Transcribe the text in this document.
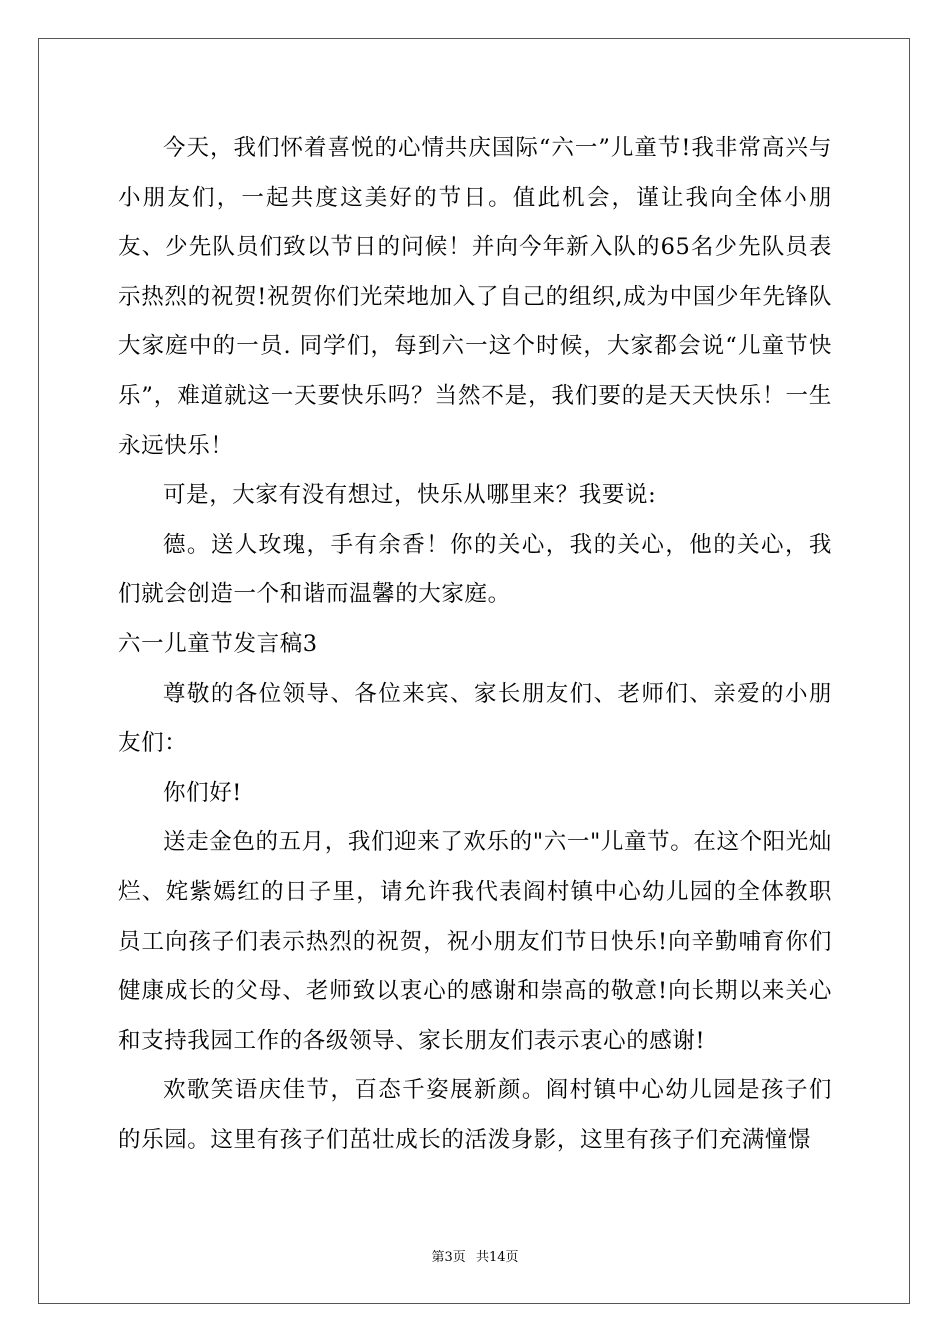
今天，我们怀着喜悦的心情共庆国际“六一”儿童节!我非常高兴与小朋友们，一起共度这美好的节日。值此机会，谨让我向全体小朋友、少先队员们致以节日的问候！并向今年新入队的65名少先队员表示热烈的祝贺!祝贺你们光荣地加入了自己的组织,成为中国少年先锋队大家庭中的一员. 同学们，每到六一这个时候，大家都会说“儿童节快乐”，难道就这一天要快乐吗？当然不是，我们要的是天天快乐！一生永远快乐！

可是，大家有没有想过，快乐从哪里来？我要说:

德。送人玫瑰，手有余香！你的关心，我的关心，他的关心，我们就会创造一个和谐而温馨的大家庭。

六一儿童节发言稿3

尊敬的各位领导、各位来宾、家长朋友们、老师们、亲爱的小朋友们：

你们好!

送走金色的五月，我们迎来了欢乐的"六一"儿童节。在这个阳光灿烂、姹紫嫣红的日子里，请允许我代表阎村镇中心幼儿园的全体教职员工向孩子们表示热烈的祝贺，祝小朋友们节日快乐!向辛勤哺育你们健康成长的父母、老师致以衷心的感谢和崇高的敬意!向长期以来关心和支持我园工作的各级领导、家长朋友们表示衷心的感谢!

欢歌笑语庆佳节，百态千姿展新颜。阎村镇中心幼儿园是孩子们的乐园。这里有孩子们茁壮成长的活泼身影，这里有孩子们充满憧憬

第3页 共14页
